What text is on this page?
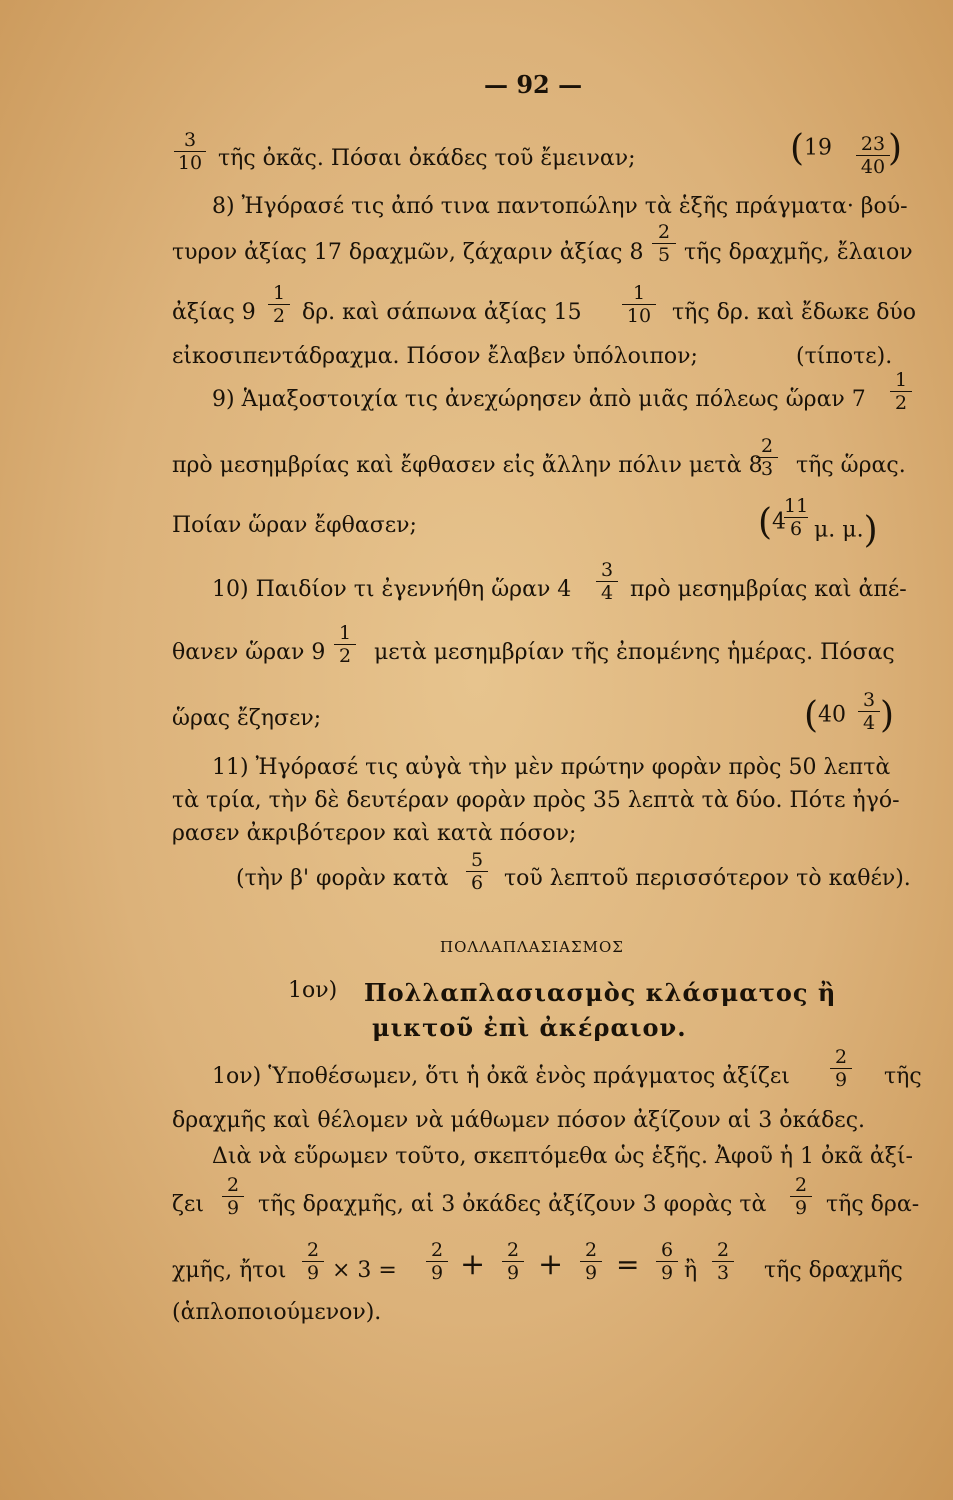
— 92 —
3
10 τῆς ὀκᾶς. Πόσαι ὀκάδες τοῦ ἔμειναν;	(19 23
40 )
8) Ἠγόρασέ τις ἀπό τινα παντοπώλην τὰ ἑξῆς πράγματα· βού-
τυρον ἀξίας 17 δραχμῶν, ζάχαριν ἀξίας 8
2
5 τῆς δραχμῆς, ἔλαιον
ἀξίας 9
1
2 δρ. καὶ σάπωνα ἀξίας 15
1
10 τῆς δρ. καὶ ἔδωκε δύο
εἰκοσιπεντάδραχμα. Πόσον ἔλαβεν ὑπόλοιπον;	(τίποτε).
9) Ἁμαξοστοιχία τις ἀνεχώρησεν ἀπὸ μιᾶς πόλεως ὥραν 7
1
2
πρὸ μεσημβρίας καὶ ἔφθασεν εἰς ἄλλην πόλιν μετὰ 8
2
3 τῆς ὥρας.
Ποίαν ὥραν ἔφθασεν;	(4
11
6 μ. μ.)
10) Παιδίον τι ἐγεννήθη ὥραν 4
3
4 πρὸ μεσημβρίας καὶ ἀπέ-
θανεν ὥραν 9
1
2 μετὰ μεσημβρίαν τῆς ἐπομένης ἡμέρας. Πόσας
ὥρας ἔζησεν;	(40
3
4 )
11) Ἠγόρασέ τις αὐγὰ τὴν μὲν πρώτην φορὰν πρὸς 50 λεπτὰ
τὰ τρία, τὴν δὲ δευτέραν φορὰν πρὸς 35 λεπτὰ τὰ δύο. Πότε ἠγό-
ρασεν ἀκριβότερον καὶ κατὰ πόσον;
(τὴν β' φορὰν κατὰ
5
6 τοῦ λεπτοῦ περισσότερον τὸ καθέν).
ΠΟΛΛΑΠΛΑΣΙΑΣΜΟΣ
1ον) Πολλαπλασιασμὸς κλάσματος ἢ
μικτοῦ ἐπὶ ἀκέραιον.
1ον) Ὑποθέσωμεν, ὅτι ἡ ὀκᾶ ἑνὸς πράγματος ἀξίζει
2
9 τῆς
δραχμῆς καὶ θέλομεν νὰ μάθωμεν πόσον ἀξίζουν αἱ 3 ὀκάδες.
Διὰ νὰ εὕρωμεν τοῦτο, σκεπτόμεθα ὡς ἑξῆς. Ἀφοῦ ἡ 1 ὀκᾶ ἀξί-
ζει
2
9 τῆς δραχμῆς, αἱ 3 ὀκάδες ἀξίζουν 3 φορὰς τὰ
2
9 τῆς δρα-
χμῆς, ἤτοι
2
9 × 3 =
2
9 + 2
9 + 2
9 = 6
9 ἢ
2
3 τῆς δραχμῆς
(ἁπλοποιούμενον).
